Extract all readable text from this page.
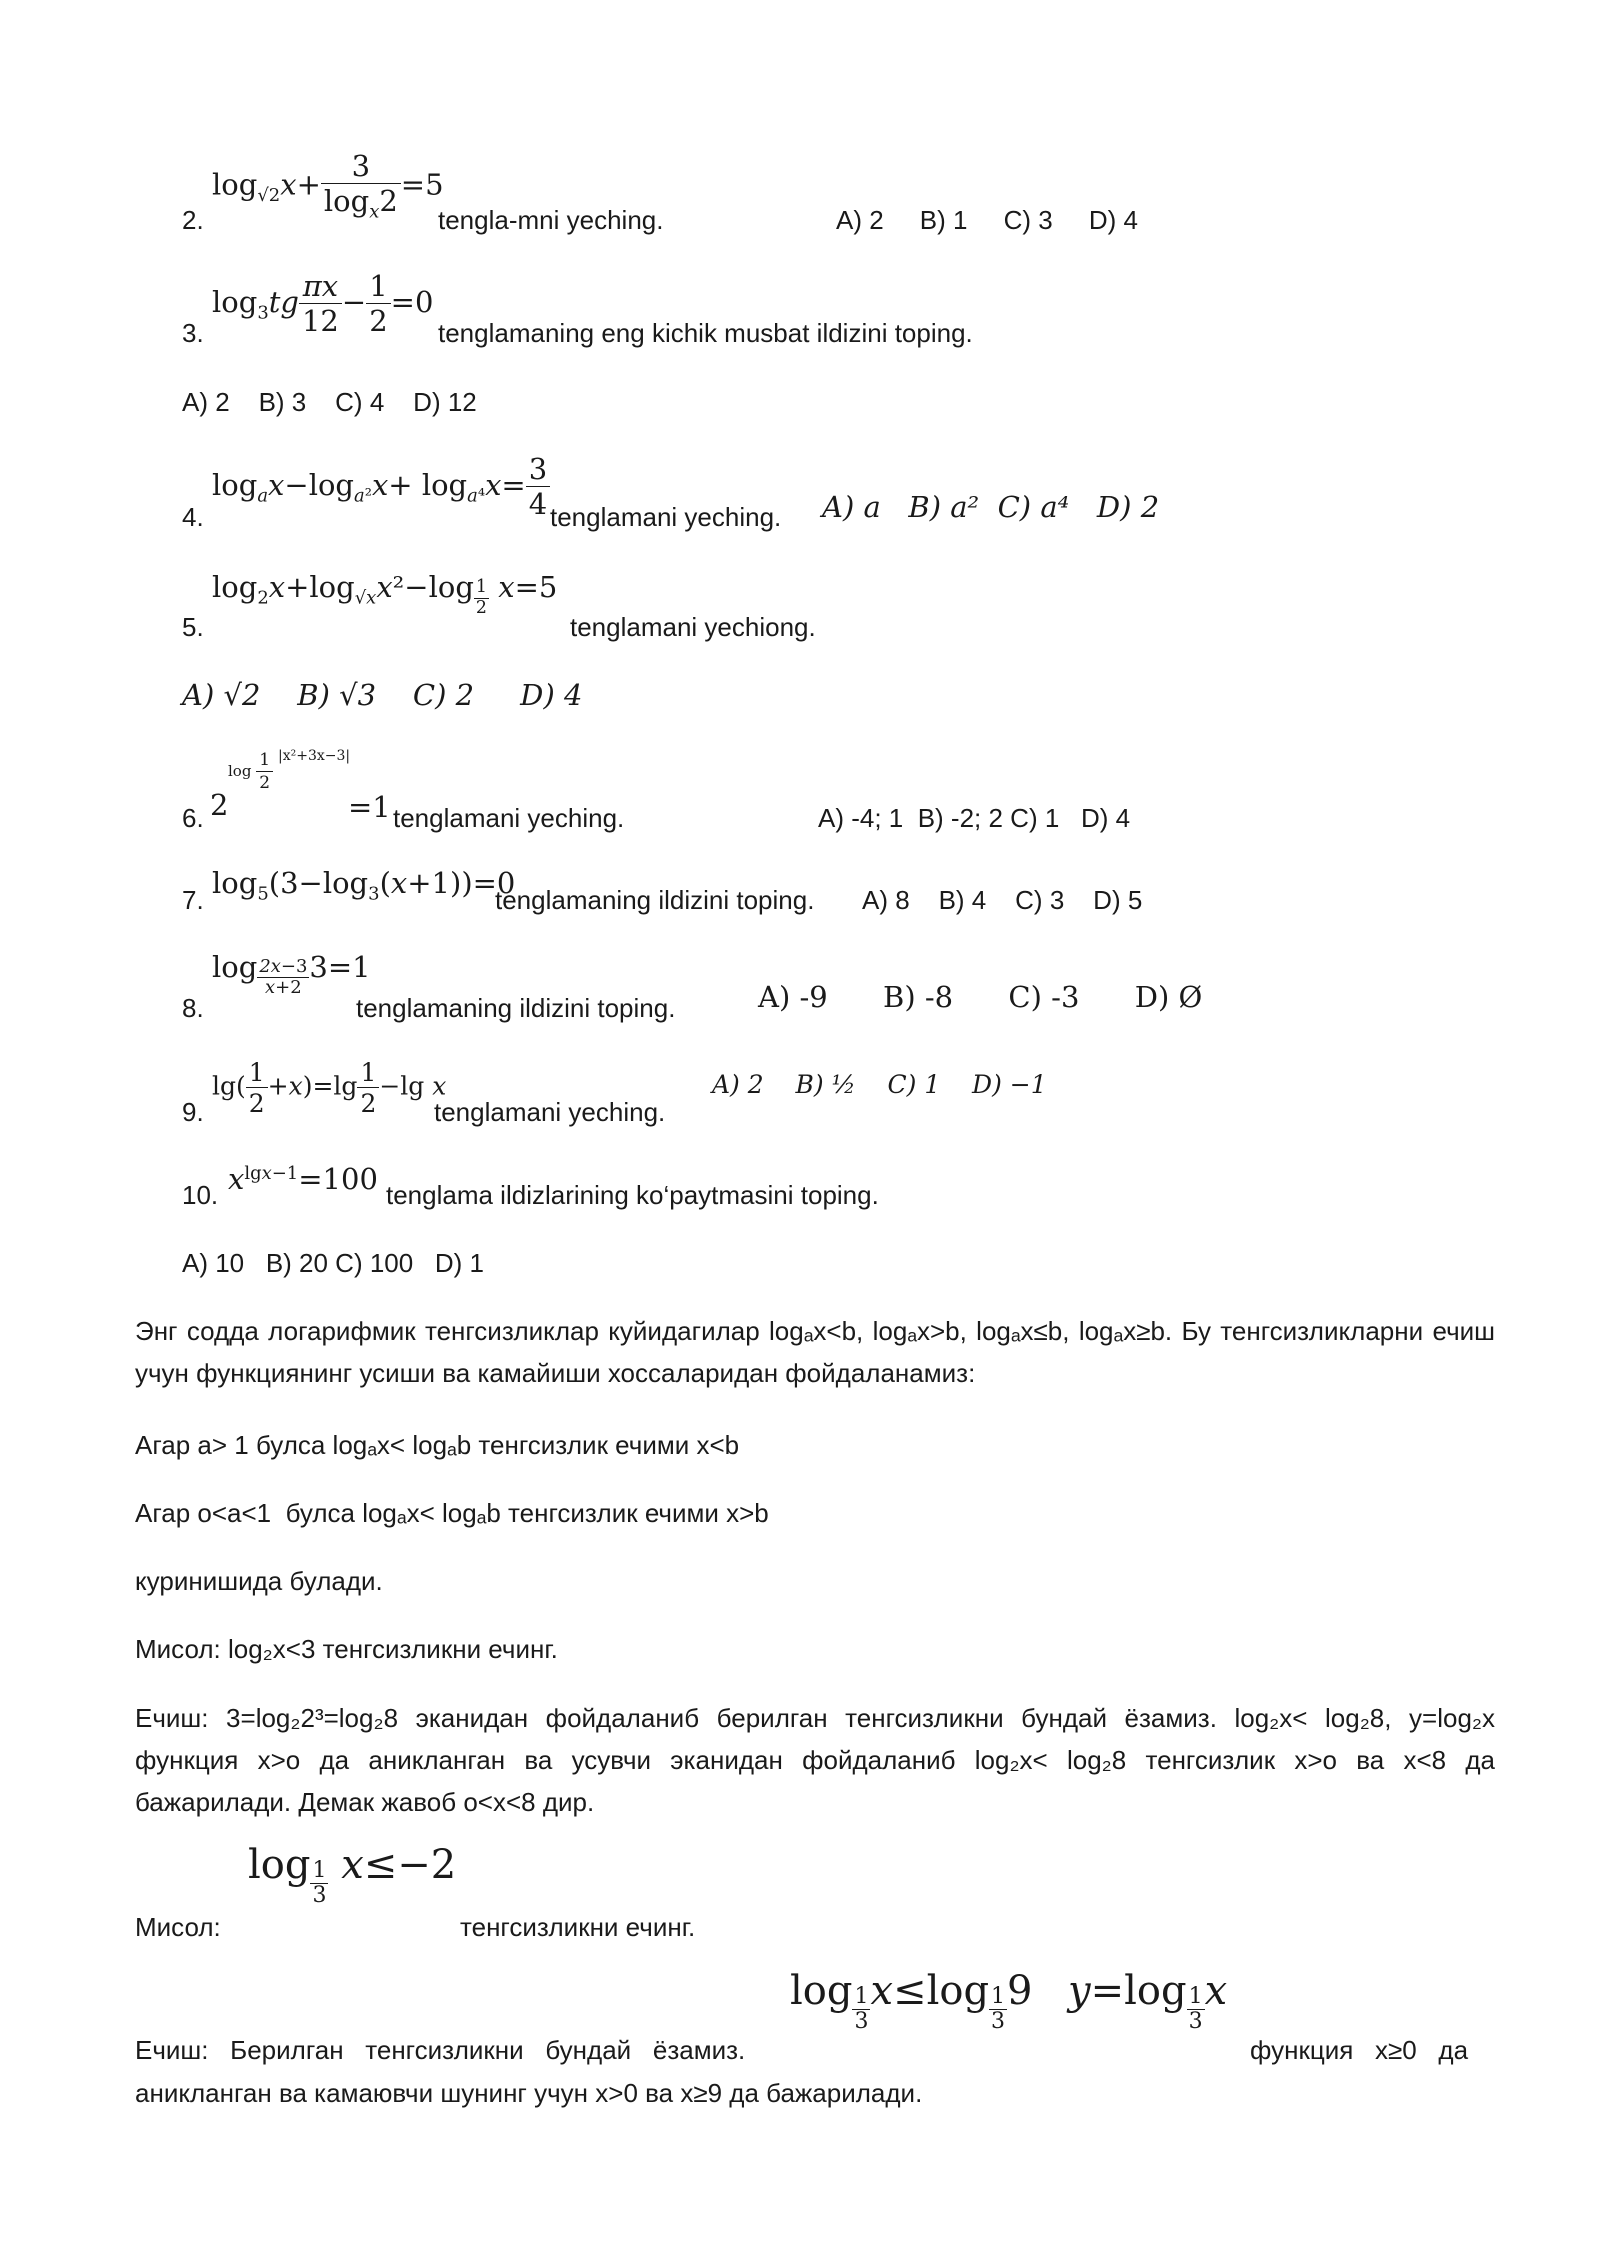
2.
$\log_{√2}x+ \frac{3}{\log_x2} =5$
tengla-mni yeching.	A) 2     B) 1     C) 3     D) 4
3.
$\log_3tg \frac{\pi x}{12} - \frac{1}{2} =0$
tenglamaning eng kichik musbat ildizini toping.
A) 2    B) 3    C) 4    D) 12
4.
$\log_ax-\log_{a^2}x+ \log_{a^4}x= \frac{3}{4}$ tenglamani yeching. A) a   B) a²  C) a⁴   D) 2
5.
$\log_2x+\log_{√x}x^2-\log \frac{1}{2} x=5$
tenglamani yechiong.
A) √2    B) √3    C) 2     D) 4
6. 2
$\log \frac{1}{2} |x^2+3x-3|$
=1 tenglamani yeching.	A) -4; 1  B) -2; 2 C) 1   D) 4
7. $\log_5(3-\log_3(x+1))=0$
tenglamaning ildizini toping. A) 8    B) 4    C) 3    D) 5
8.
$\log \frac{2x-3}{x+2} 3=1$
tenglamaning ildizini toping.	A) -9      B) -8      C) -3      D) Ø
9.
$\lg( \frac{1}{2} +x)=\lg \frac{1}{2} -\lg$ x
tenglamani yeching.
A) 2    B) ½    C) 1    D) −1
10. $x^{lgx-1}=100$ tenglama ildizlarining ko‘paytmasini toping.
A) 10   B) 20 C) 100   D) 1
Энг содда логарифмик тенгсизликлар куйидагилар logₐx<b, logₐx>b, logₐx≤b, logₐx≥b. Бу тенгсизликларни ечиш учун функциянинг усиши ва камайиши хоссаларидан фойдаланамиз:
Агар a> 1 булса logₐx< logₐb тенгсизлик ечими x<b
Агар o<a<1  булса logₐx< logₐb тенгсизлик ечими x>b
куринишида булади.
Мисол: log₂x<3 тенгсизликни ечинг.
Ечиш:  3=log₂2³=log₂8  эканидан  фойдаланиб  берилган  тенгсизликни  бундай  ёзамиз.  log₂x<  log₂8,  y=log₂x функция  x>o  да  аникланган  ва  усувчи  эканидан  фойдаланиб  log₂x<  log₂8  тенгсизлик  x>o  ва  x<8  да бажарилади. Демак жавоб o<x<8 дир.
Мисол:
$\log \frac{1}{3} x\le-2$
тенгсизликни ечинг.
Ечиш:   Берилган   тенгсизликни   бундай   ёзамиз.
$\log \frac{1}{3} x\le\log \frac{1}{3} 9$ $y=\log \frac{1}{3}$ x
функция   x≥0   да
аникланган ва камаювчи шунинг учун x>0 ва x≥9 да бажарилади.
